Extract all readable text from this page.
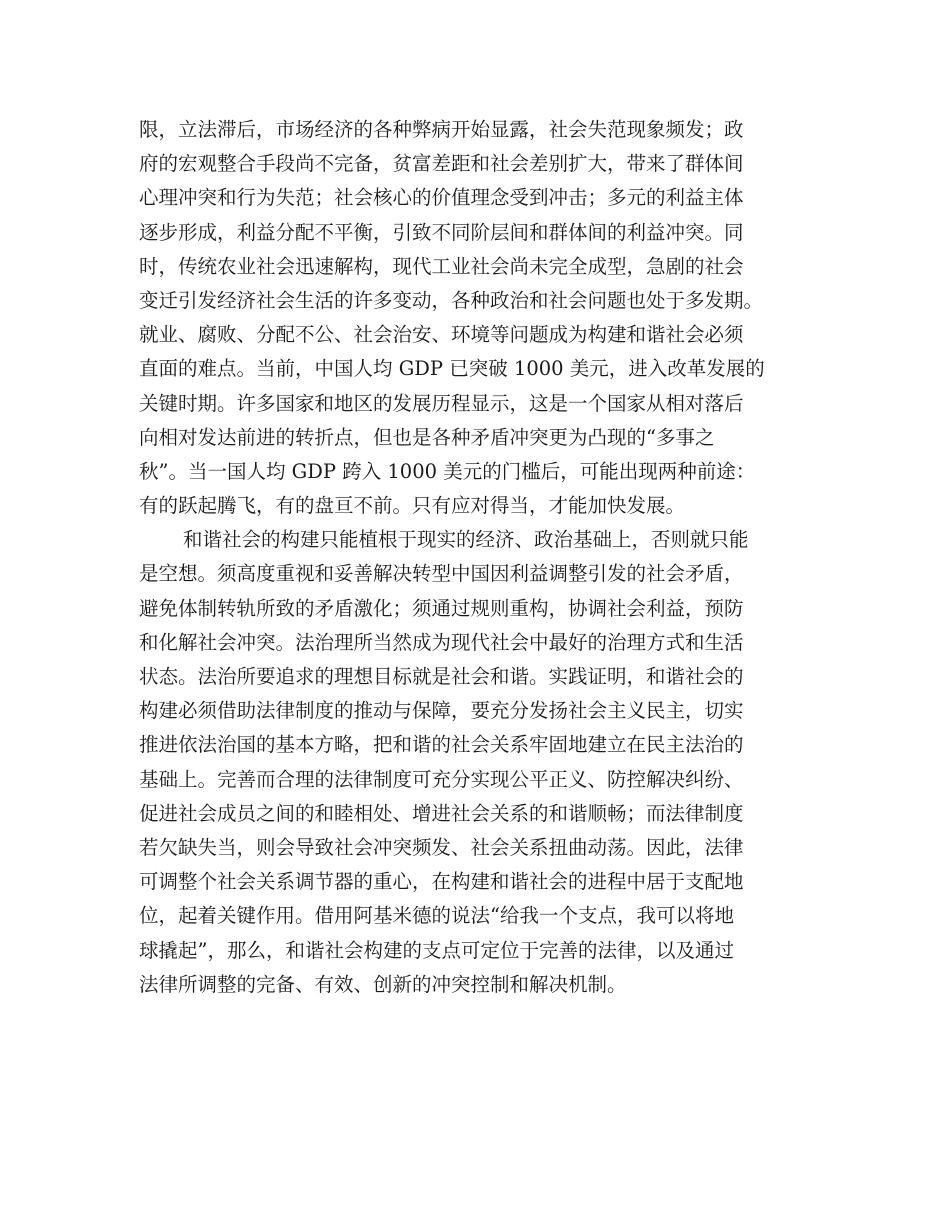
限，立法滞后，市场经济的各种弊病开始显露，社会失范现象频发；政
府的宏观整合手段尚不完备，贫富差距和社会差别扩大，带来了群体间
心理冲突和行为失范；社会核心的价值理念受到冲击；多元的利益主体
逐步形成，利益分配不平衡，引致不同阶层间和群体间的利益冲突。同
时，传统农业社会迅速解构，现代工业社会尚未完全成型，急剧的社会
变迁引发经济社会生活的许多变动，各种政治和社会问题也处于多发期。
就业、腐败、分配不公、社会治安、环境等问题成为构建和谐社会必须
直面的难点。当前，中国人均 GDP 已突破 1000 美元，进入改革发展的
关键时期。许多国家和地区的发展历程显示，这是一个国家从相对落后
向相对发达前进的转折点，但也是各种矛盾冲突更为凸现的“多事之
秋”。当一国人均 GDP 跨入 1000 美元的门槛后，可能出现两种前途：
有的跃起腾飞，有的盘亘不前。只有应对得当，才能加快发展。
和谐社会的构建只能植根于现实的经济、政治基础上，否则就只能
是空想。须高度重视和妥善解决转型中国因利益调整引发的社会矛盾，
避免体制转轨所致的矛盾激化；须通过规则重构，协调社会利益，预防
和化解社会冲突。法治理所当然成为现代社会中最好的治理方式和生活
状态。法治所要追求的理想目标就是社会和谐。实践证明，和谐社会的
构建必须借助法律制度的推动与保障，要充分发扬社会主义民主，切实
推进依法治国的基本方略，把和谐的社会关系牢固地建立在民主法治的
基础上。完善而合理的法律制度可充分实现公平正义、防控解决纠纷、
促进社会成员之间的和睦相处、增进社会关系的和谐顺畅；而法律制度
若欠缺失当，则会导致社会冲突频发、社会关系扭曲动荡。因此，法律
可调整个社会关系调节器的重心，在构建和谐社会的进程中居于支配地
位，起着关键作用。借用阿基米德的说法“给我一个支点，我可以将地
球撬起”，那么，和谐社会构建的支点可定位于完善的法律，以及通过
法律所调整的完备、有效、创新的冲突控制和解决机制。
